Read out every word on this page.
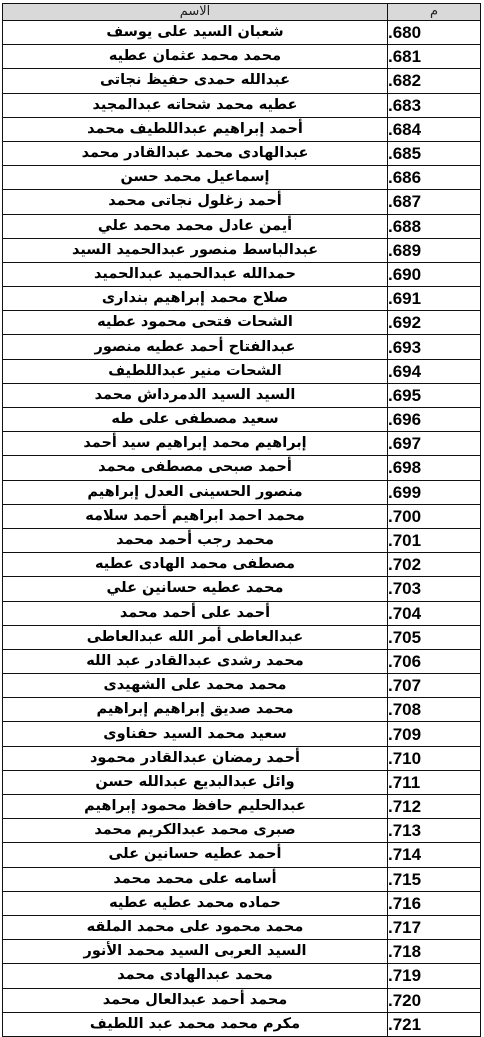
الاسم	م
شعبان السيد على يوسف	.680
محمد محمد عثمان عطيه	.681
عبدالله حمدى حفيظ نجاتى	.682
عطيه محمد شحاته عبدالمجيد	.683
أحمد إبراهيم عبداللطيف محمد	.684
عبدالهادى محمد عبدالقادر محمد	.685
إسماعيل محمد حسن	.686
أحمد زغلول نجاتى محمد	.687
أيمن عادل محمد محمد علي	.688
عبدالباسط منصور عبدالحميد السيد	.689
حمدالله عبدالحميد عبدالحميد	.690
صلاح محمد إبراهيم بندارى	.691
الشحات فتحى محمود عطيه	.692
عبدالفتاح أحمد عطيه منصور	.693
الشحات منير عبداللطيف	.694
السيد السيد الدمرداش محمد	.695
سعيد مصطفى على طه	.696
إبراهيم محمد إبراهيم سيد أحمد	.697
أحمد صبحى مصطفى محمد	.698
منصور الحسينى العدل إبراهيم	.699
محمد احمد ابراهيم أحمد سلامه	.700
محمد رجب أحمد محمد	.701
مصطفى محمد الهادى عطيه	.702
محمد عطيه حسانين علي	.703
أحمد على أحمد محمد	.704
عبدالعاطى أمر الله عبدالعاطى	.705
محمد رشدى عبدالقادر عبد الله	.706
محمد محمد على الشهيدى	.707
محمد صديق إبراهيم إبراهيم	.708
سعيد محمد السيد حفناوى	.709
أحمد رمضان عبدالقادر محمود	.710
وائل عبدالبديع عبدالله حسن	.711
عبدالحليم حافظ محمود إبراهيم	.712
صبرى محمد عبدالكريم محمد	.713
أحمد عطيه حسانين على	.714
أسامه على محمد محمد	.715
حماده محمد عطيه عطيه	.716
محمد محمود على محمد الملقه	.717
السيد العربى السيد محمد الأنور	.718
محمد عبدالهادى محمد	.719
محمد أحمد عبدالعال محمد	.720
مكرم محمد محمد عبد اللطيف	.721
